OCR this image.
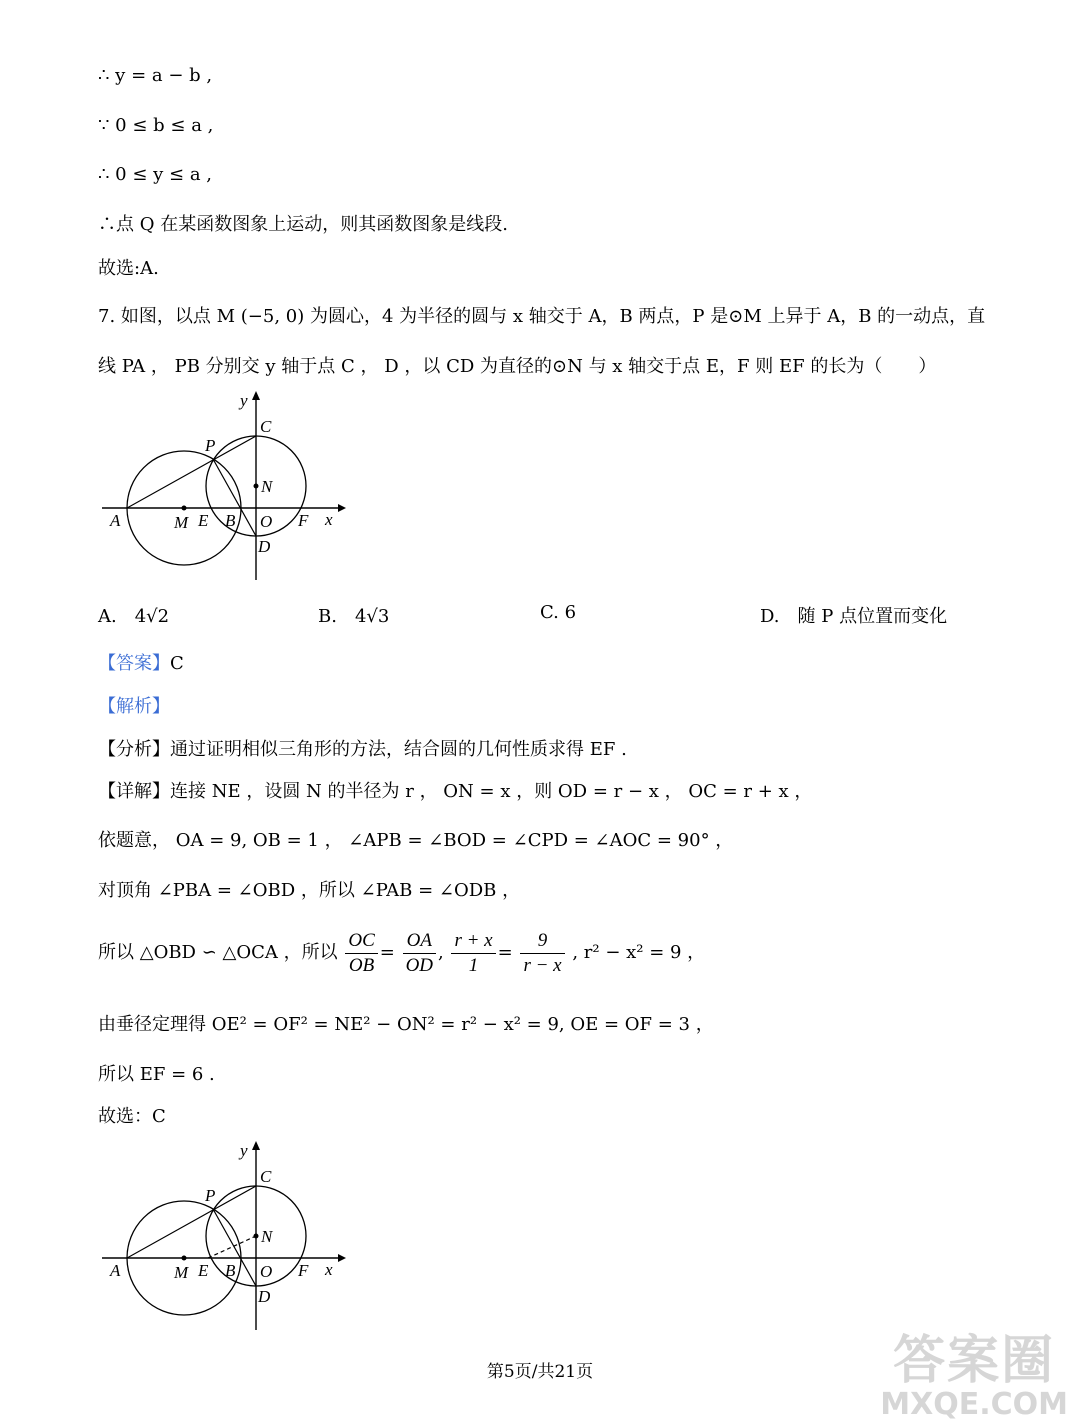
∴ y = a − b ,
∵ 0 ≤ b ≤ a ,
∴ 0 ≤ y ≤ a ,
∴点 Q 在某函数图象上运动，则其函数图象是线段.
故选:A.
7. 如图，以点 M (−5, 0) 为圆心，4 为半径的圆与 x 轴交于 A，B 两点，P 是⊙M 上异于 A，B 的一动点，直
线 PA ， PB 分别交 y 轴于点 C ， D ，以 CD 为直径的⊙N 与 x 轴交于点 E，F 则 EF 的长为（　　）
y
C
P
N
A	M E B O F x
D
A.　4√2	B.　4√3	C. 6	D.　随 P 点位置而变化
【答案】C
【解析】
【分析】通过证明相似三角形的方法，结合圆的几何性质求得 EF .
【详解】连接 NE ，设圆 N 的半径为 r ， ON = x ，则 OD = r − x ， OC = r + x ，
依题意， OA = 9, OB = 1 ， ∠APB = ∠BOD = ∠CPD = ∠AOC = 90° ，
对顶角 ∠PBA = ∠OBD ，所以 ∠PAB = ∠ODB ，
所以 △OBD ∽ △OCA ，所以 $\frac{OC}{OB} = \frac{OA}{OD}$ , $\frac{r + x}{1} = \frac{9}{r - x}$ , r² − x² = 9 ，
由垂径定理得 OE² = OF² = NE² − ON² = r² − x² = 9, OE = OF = 3 ，
所以 EF = 6 .
故选：C
y
C
P
N
A	M E B O F x
D
第5页/共21页	答案圈
MXQE.COM
